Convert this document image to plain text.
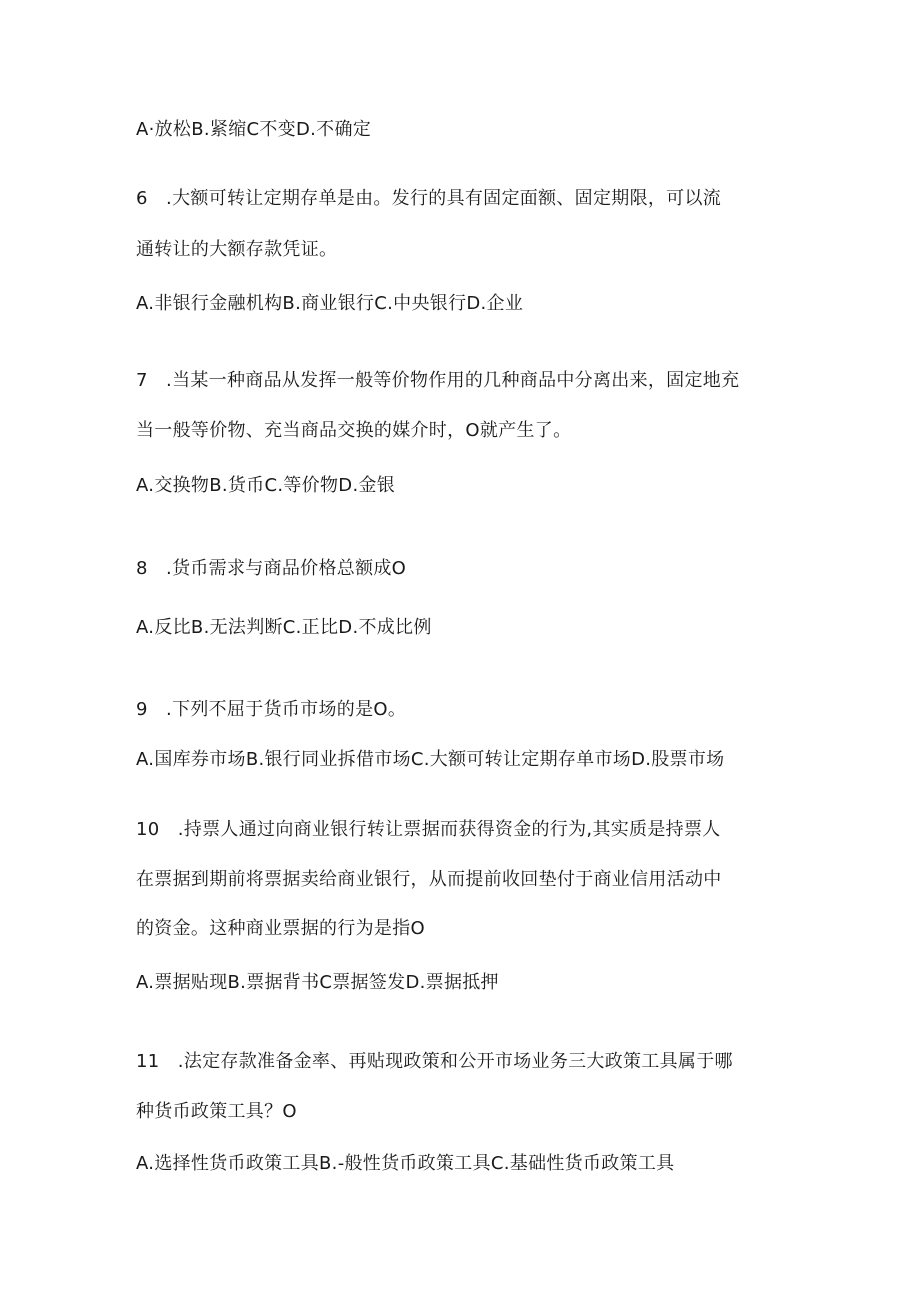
A·放松B.紧缩C不变D.不确定
6　.大额可转让定期存单是由。发行的具有固定面额、固定期限，可以流
通转让的大额存款凭证。
A.非银行金融机构B.商业银行C.中央银行D.企业
7　.当某一种商品从发挥一般等价物作用的几种商品中分离出来，固定地充
当一般等价物、充当商品交换的媒介时，O就产生了。
A.交换物B.货币C.等价物D.金银
8　.货币需求与商品价格总额成O
A.反比B.无法判断C.正比D.不成比例
9　.下列不屈于货币市场的是O。
A.国库券市场B.银行同业拆借市场C.大额可转让定期存单市场D.股票市场
10　.持票人通过向商业银行转让票据而获得资金的行为,其实质是持票人
在票据到期前将票据卖给商业银行，从而提前收回垫付于商业信用活动中
的资金。这种商业票据的行为是指O
A.票据贴现B.票据背书C票据签发D.票据抵押
11　.法定存款准备金率、再贴现政策和公开市场业务三大政策工具属于哪
种货币政策工具？O
A.选择性货币政策工具B.-般性货币政策工具C.基础性货币政策工具
